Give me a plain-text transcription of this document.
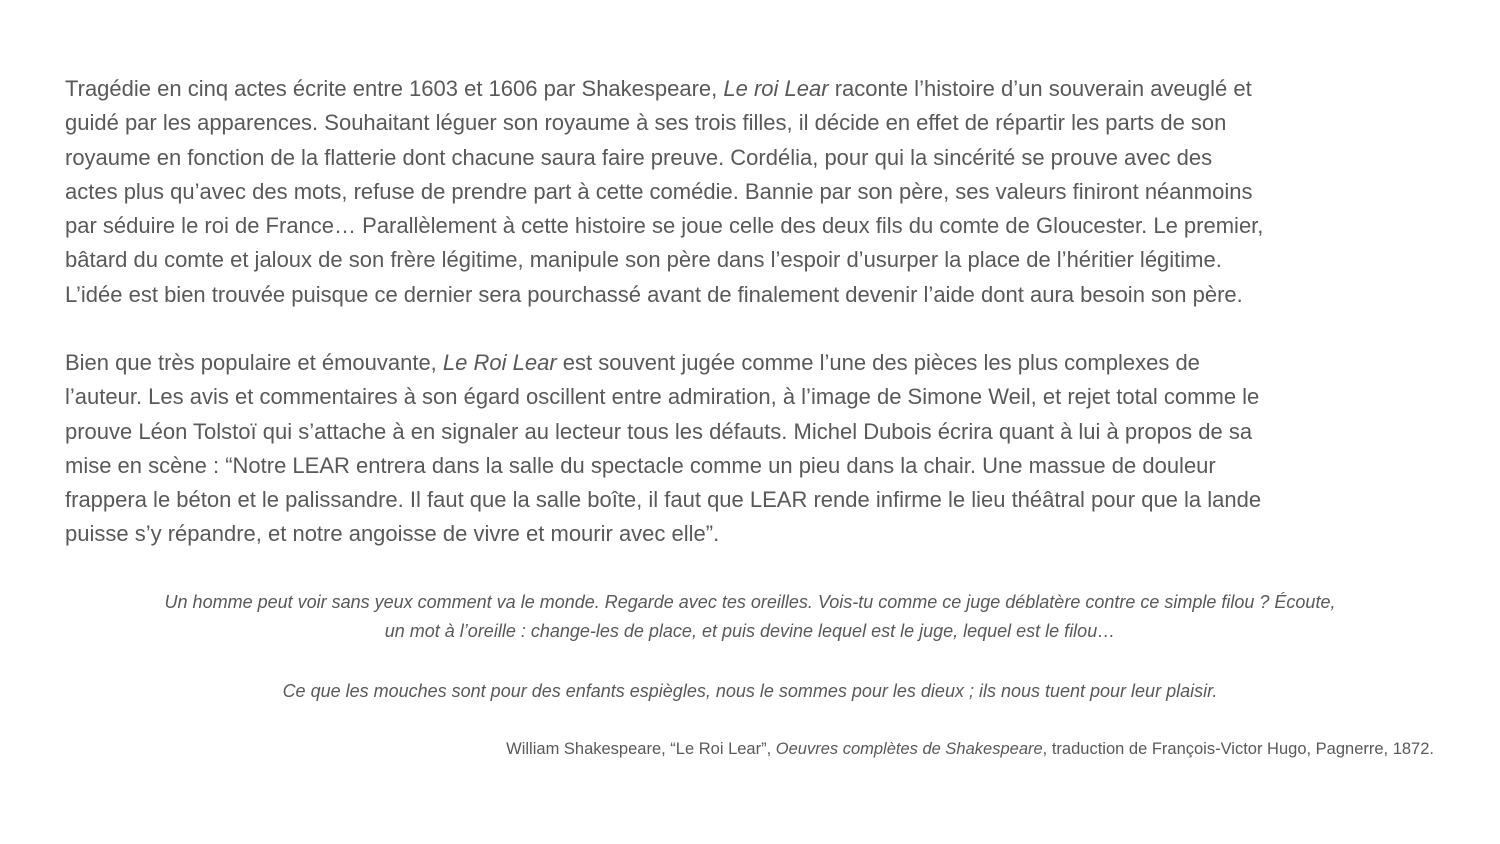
Tragédie en cinq actes écrite entre 1603 et 1606 par Shakespeare, Le roi Lear raconte l’histoire d’un souverain aveuglé et
guidé par les apparences. Souhaitant léguer son royaume à ses trois filles, il décide en effet de répartir les parts de son
royaume en fonction de la flatterie dont chacune saura faire preuve. Cordélia, pour qui la sincérité se prouve avec des
actes plus qu’avec des mots, refuse de prendre part à cette comédie. Bannie par son père, ses valeurs finiront néanmoins
par séduire le roi de France… Parallèlement à cette histoire se joue celle des deux fils du comte de Gloucester. Le premier,
bâtard du comte et jaloux de son frère légitime, manipule son père dans l’espoir d’usurper la place de l’héritier légitime.
L’idée est bien trouvée puisque ce dernier sera pourchassé avant de finalement devenir l’aide dont aura besoin son père.
Bien que très populaire et émouvante, Le Roi Lear est souvent jugée comme l’une des pièces les plus complexes de
l’auteur. Les avis et commentaires à son égard oscillent entre admiration, à l’image de Simone Weil, et rejet total comme le
prouve Léon Tolstoï qui s’attache à en signaler au lecteur tous les défauts. Michel Dubois écrira quant à lui à propos de sa
mise en scène : “Notre LEAR entrera dans la salle du spectacle comme un pieu dans la chair. Une massue de douleur
frappera le béton et le palissandre. Il faut que la salle boîte, il faut que LEAR rende infirme le lieu théâtral pour que la lande
puisse s’y répandre, et notre angoisse de vivre et mourir avec elle”.
Un homme peut voir sans yeux comment va le monde. Regarde avec tes oreilles. Vois-tu comme ce juge déblatère contre ce simple filou ? Écoute,
un mot à l’oreille : change-les de place, et puis devine lequel est le juge, lequel est le filou…
Ce que les mouches sont pour des enfants espiègles, nous le sommes pour les dieux ; ils nous tuent pour leur plaisir.
William Shakespeare, “Le Roi Lear”, Oeuvres complètes de Shakespeare, traduction de François-Victor Hugo, Pagnerre, 1872.
